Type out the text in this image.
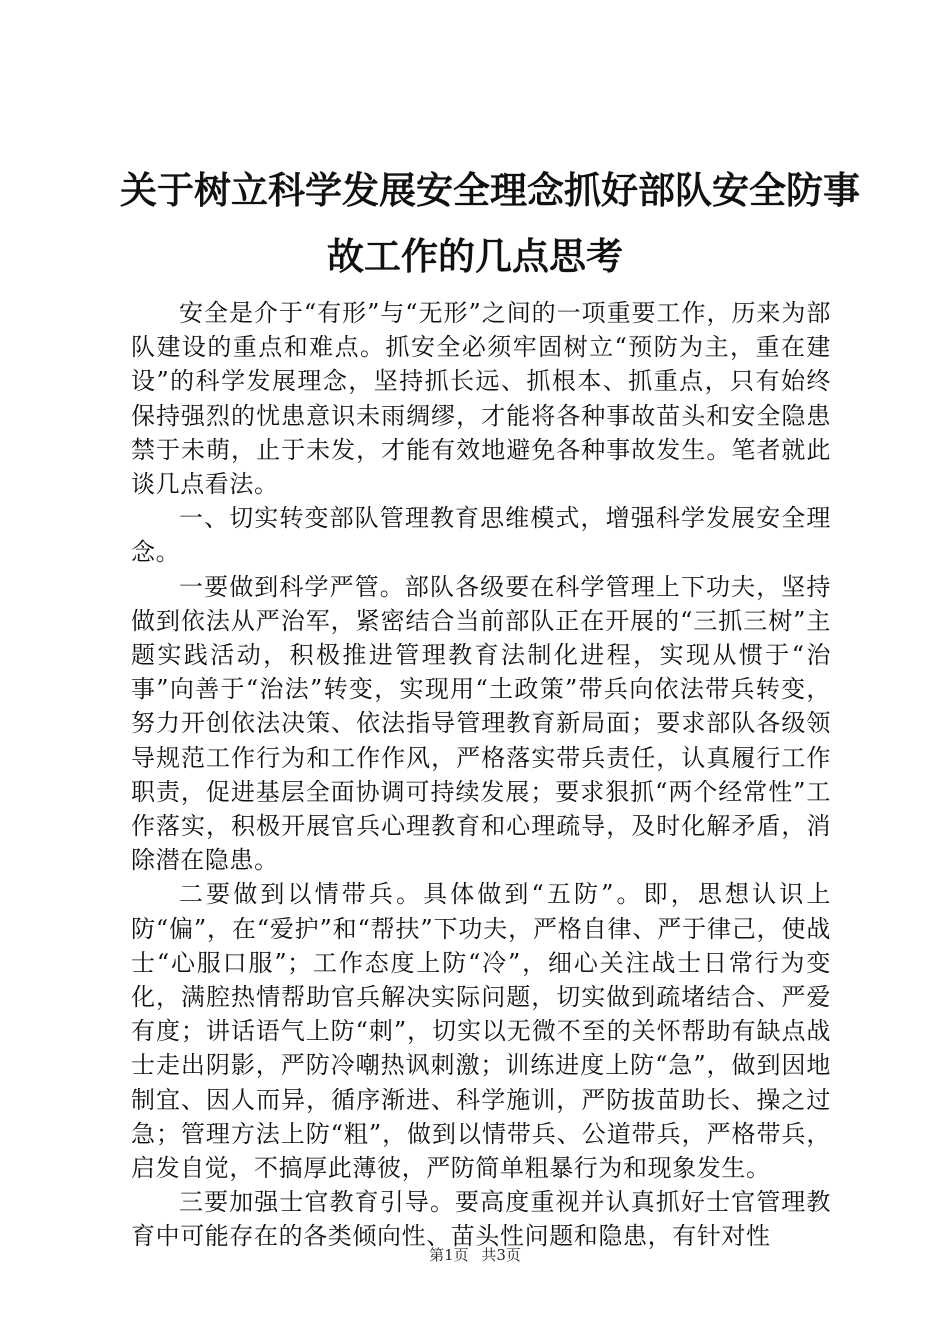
关于树立科学发展安全理念抓好部队安全防事
故工作的几点思考

安全是介于“有形”与“无形”之间的一项重要工作，历来为部队建设的重点和难点。抓安全必须牢固树立“预防为主，重在建设”的科学发展理念，坚持抓长远、抓根本、抓重点，只有始终保持强烈的忧患意识未雨绸缪，才能将各种事故苗头和安全隐患禁于未萌，止于未发，才能有效地避免各种事故发生。笔者就此谈几点看法。

一、切实转变部队管理教育思维模式，增强科学发展安全理念。

一要做到科学严管。部队各级要在科学管理上下功夫，坚持做到依法从严治军，紧密结合当前部队正在开展的“三抓三树”主题实践活动，积极推进管理教育法制化进程，实现从惯于“治事”向善于“治法”转变，实现用“土政策”带兵向依法带兵转变，努力开创依法决策、依法指导管理教育新局面；要求部队各级领导规范工作行为和工作作风，严格落实带兵责任，认真履行工作职责，促进基层全面协调可持续发展；要求狠抓“两个经常性”工作落实，积极开展官兵心理教育和心理疏导，及时化解矛盾，消除潜在隐患。

二要做到以情带兵。具体做到“五防”。即，思想认识上防“偏”，在“爱护”和“帮扶”下功夫，严格自律、严于律己，使战士“心服口服”；工作态度上防“冷”，细心关注战士日常行为变化，满腔热情帮助官兵解决实际问题，切实做到疏堵结合、严爱有度；讲话语气上防“刺”，切实以无微不至的关怀帮助有缺点战士走出阴影，严防冷嘲热讽刺激；训练进度上防“急”，做到因地制宜、因人而异，循序渐进、科学施训，严防拔苗助长、操之过急；管理方法上防“粗”，做到以情带兵、公道带兵，严格带兵，启发自觉，不搞厚此薄彼，严防简单粗暴行为和现象发生。

三要加强士官教育引导。要高度重视并认真抓好士官管理教育中可能存在的各类倾向性、苗头性问题和隐患，有针对性

第1页 共3页
